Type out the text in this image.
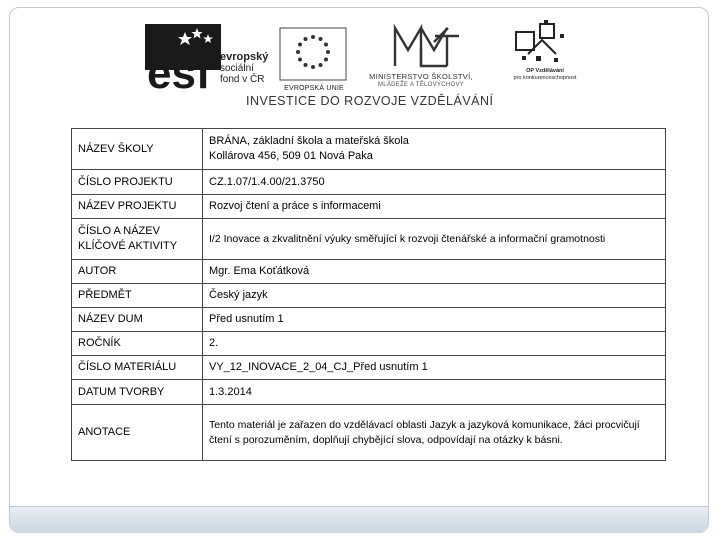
esf evropský
sociální
fond v ČR
EVROPSKÁ UNIE
MINISTERSTVO ŠKOLSTVÍ,
MLÁDEŽE A TĚLOVÝCHOVY
OP Vzdělávání
pro konkurenceschopnost
INVESTICE DO ROZVOJE VZDĚLÁVÁNÍ
NÁZEV ŠKOLY	BRÁNA, základní škola a mateřská škola
Kollárova 456, 509 01 Nová Paka

ČÍSLO PROJEKTU	CZ.1.07/1.4.00/21.3750
NÁZEV PROJEKTU	Rozvoj čtení a práce s informacemi
ČÍSLO A NÁZEV KLÍČOVÉ AKTIVITY	I/2 Inovace a zkvalitnění výuky směřující k rozvoji čtenářské a informační gramotnosti
AUTOR	Mgr. Ema Koťátková
PŘEDMĚT	Český jazyk
NÁZEV DUM	Před usnutím 1
ROČNÍK	2.
ČÍSLO MATERIÁLU	VY_12_INOVACE_2_04_CJ_Před usnutím 1
DATUM TVORBY	1.3.2014
ANOTACE	Tento materiál je zařazen do vzdělávací oblasti Jazyk a jazyková komunikace, žáci procvičují čtení s porozuměním, doplňují chybějící slova, odpovídají na otázky k básni.
